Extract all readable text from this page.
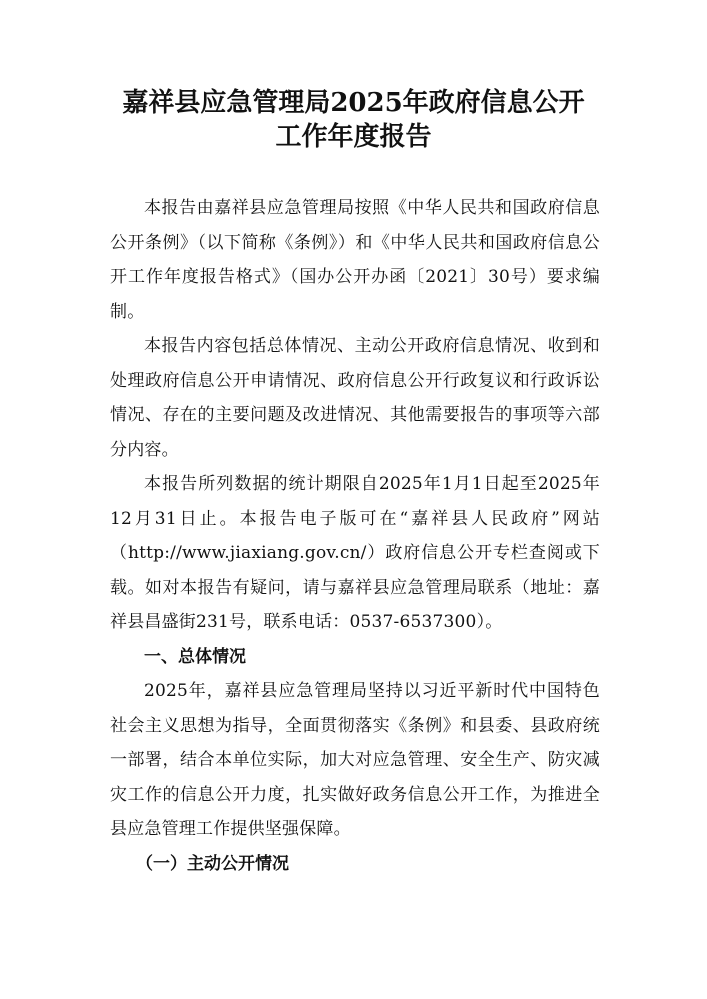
嘉祥县应急管理局2025年政府信息公开
工作年度报告

本报告由嘉祥县应急管理局按照《中华人民共和国政府信息公开条例》（以下简称《条例》）和《中华人民共和国政府信息公开工作年度报告格式》（国办公开办函〔2021〕30号）要求编制。

本报告内容包括总体情况、主动公开政府信息情况、收到和处理政府信息公开申请情况、政府信息公开行政复议和行政诉讼情况、存在的主要问题及改进情况、其他需要报告的事项等六部分内容。

本报告所列数据的统计期限自2025年1月1日起至2025年12月31日止。本报告电子版可在“嘉祥县人民政府”网站（http://www.jiaxiang.gov.cn/）政府信息公开专栏查阅或下载。如对本报告有疑问，请与嘉祥县应急管理局联系（地址：嘉祥县昌盛街231号，联系电话：0537-6537300）。

一、总体情况

2025年，嘉祥县应急管理局坚持以习近平新时代中国特色社会主义思想为指导，全面贯彻落实《条例》和县委、县政府统一部署，结合本单位实际，加大对应急管理、安全生产、防灾减灾工作的信息公开力度，扎实做好政务信息公开工作，为推进全县应急管理工作提供坚强保障。

（一）主动公开情况
